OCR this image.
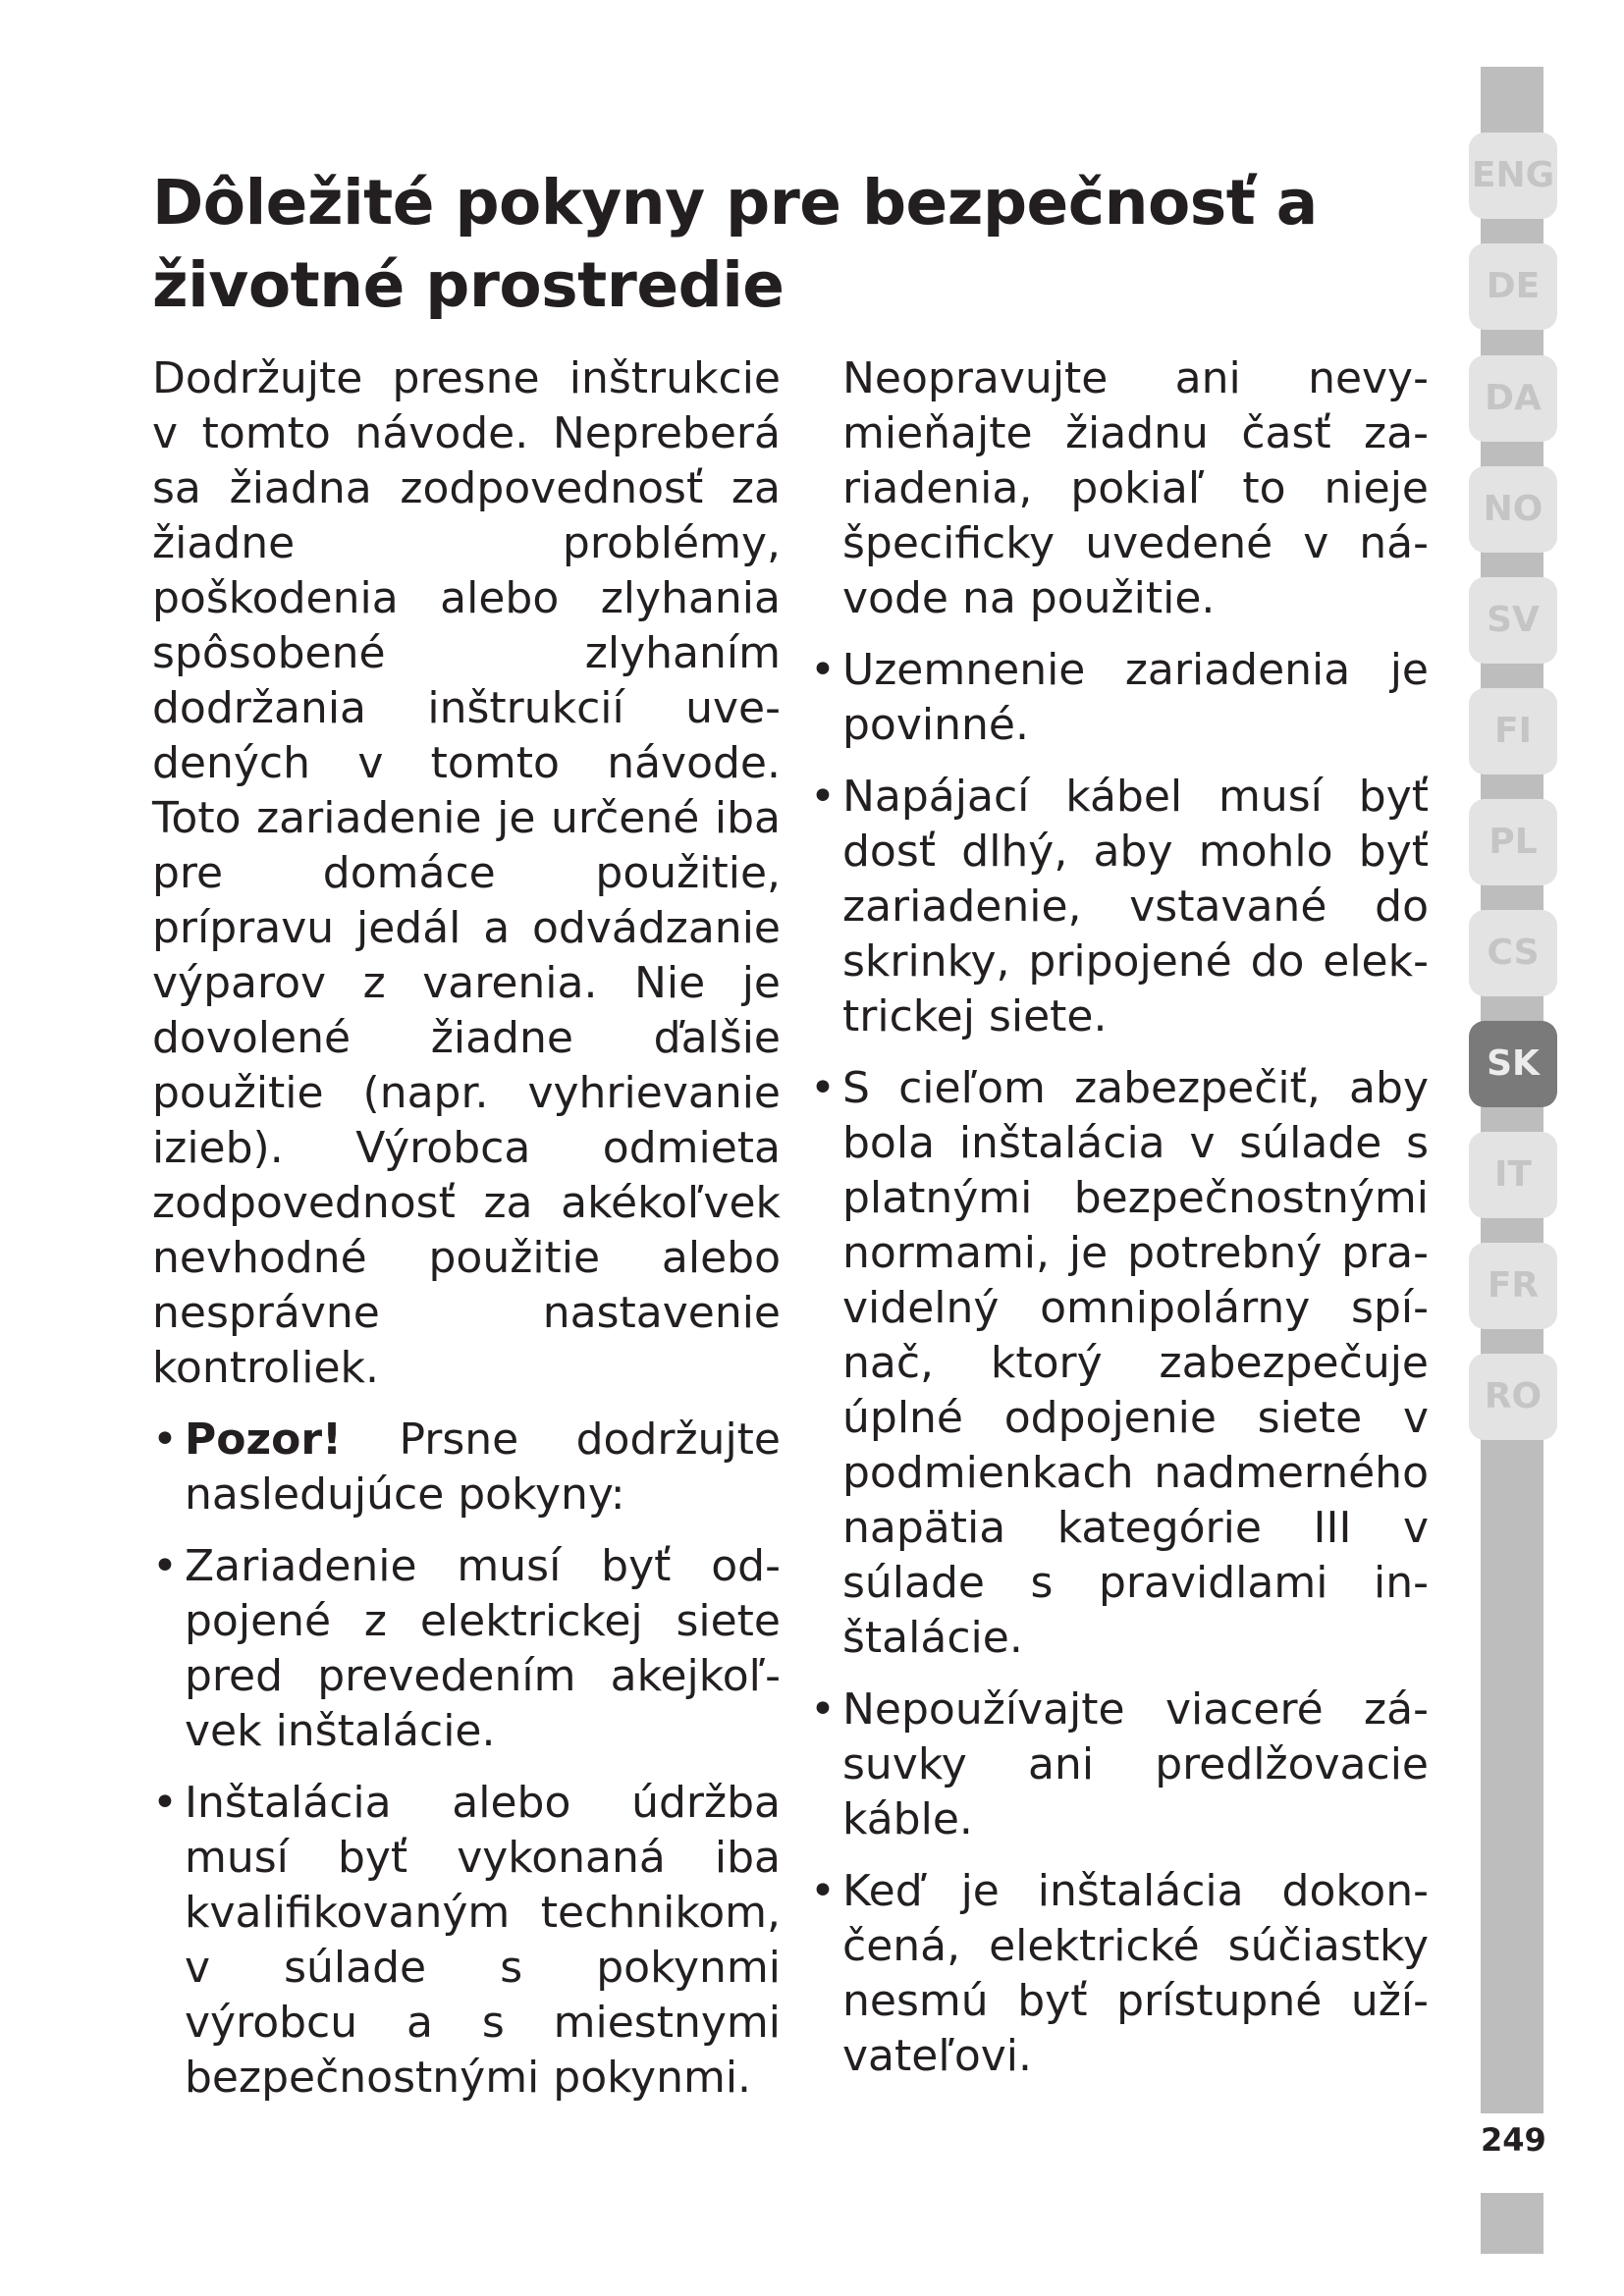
Dôležité pokyny pre bezpečnosť a životné prostredie

Dodržujte presne inštrukcie v tomto návode. Nepreberá sa žiadna zodpovednosť za žiadne problémy, poškodenia alebo zlyhania spôsobené zlyhaním dodržania inštrukcií uvedených v tomto návode. Toto zariadenie je určené iba pre domáce použitie, prípravu jedál a odvádzanie výparov z varenia. Nie je dovolené žiadne ďalšie použitie (napr. vyhrievanie izieb). Výrobca odmieta zodpovednosť za akékoľvek nevhodné použitie alebo nesprávne nastavenie kontroliek.

• Pozor! Prsne dodržujte nasledujúce pokyny:
• Zariadenie musí byť odpojené z elektrickej siete pred prevedením akejkoľvek inštalácie.
• Inštalácia alebo údržba musí byť vykonaná iba kvalifikovaným technikom, v súlade s pokynmi výrobcu a s miestnymi bezpečnostnými pokynmi.

Neopravujte ani nevymieňajte žiadnu časť zariadenia, pokiaľ to nieje špecificky uvedené v návode na použitie.

• Uzemnenie zariadenia je povinné.
• Napájací kábel musí byť dosť dlhý, aby mohlo byť zariadenie, vstavané do skrinky, pripojené do elektrickej siete.
• S cieľom zabezpečiť, aby bola inštalácia v súlade s platnými bezpečnostnými normami, je potrebný pravidelný omnipolárny spínač, ktorý zabezpečuje úplné odpojenie siete v podmienkach nadmerného napätia kategórie III v súlade s pravidlami inštalácie.
• Nepoužívajte viaceré zásuvky ani predlžovacie káble.
• Keď je inštalácia dokončená, elektrické súčiastky nesmú byť prístupné užívateľovi.
ENG
DE
DA
NO
SV
FI
PL
CS
SK
IT
FR
RO
249
